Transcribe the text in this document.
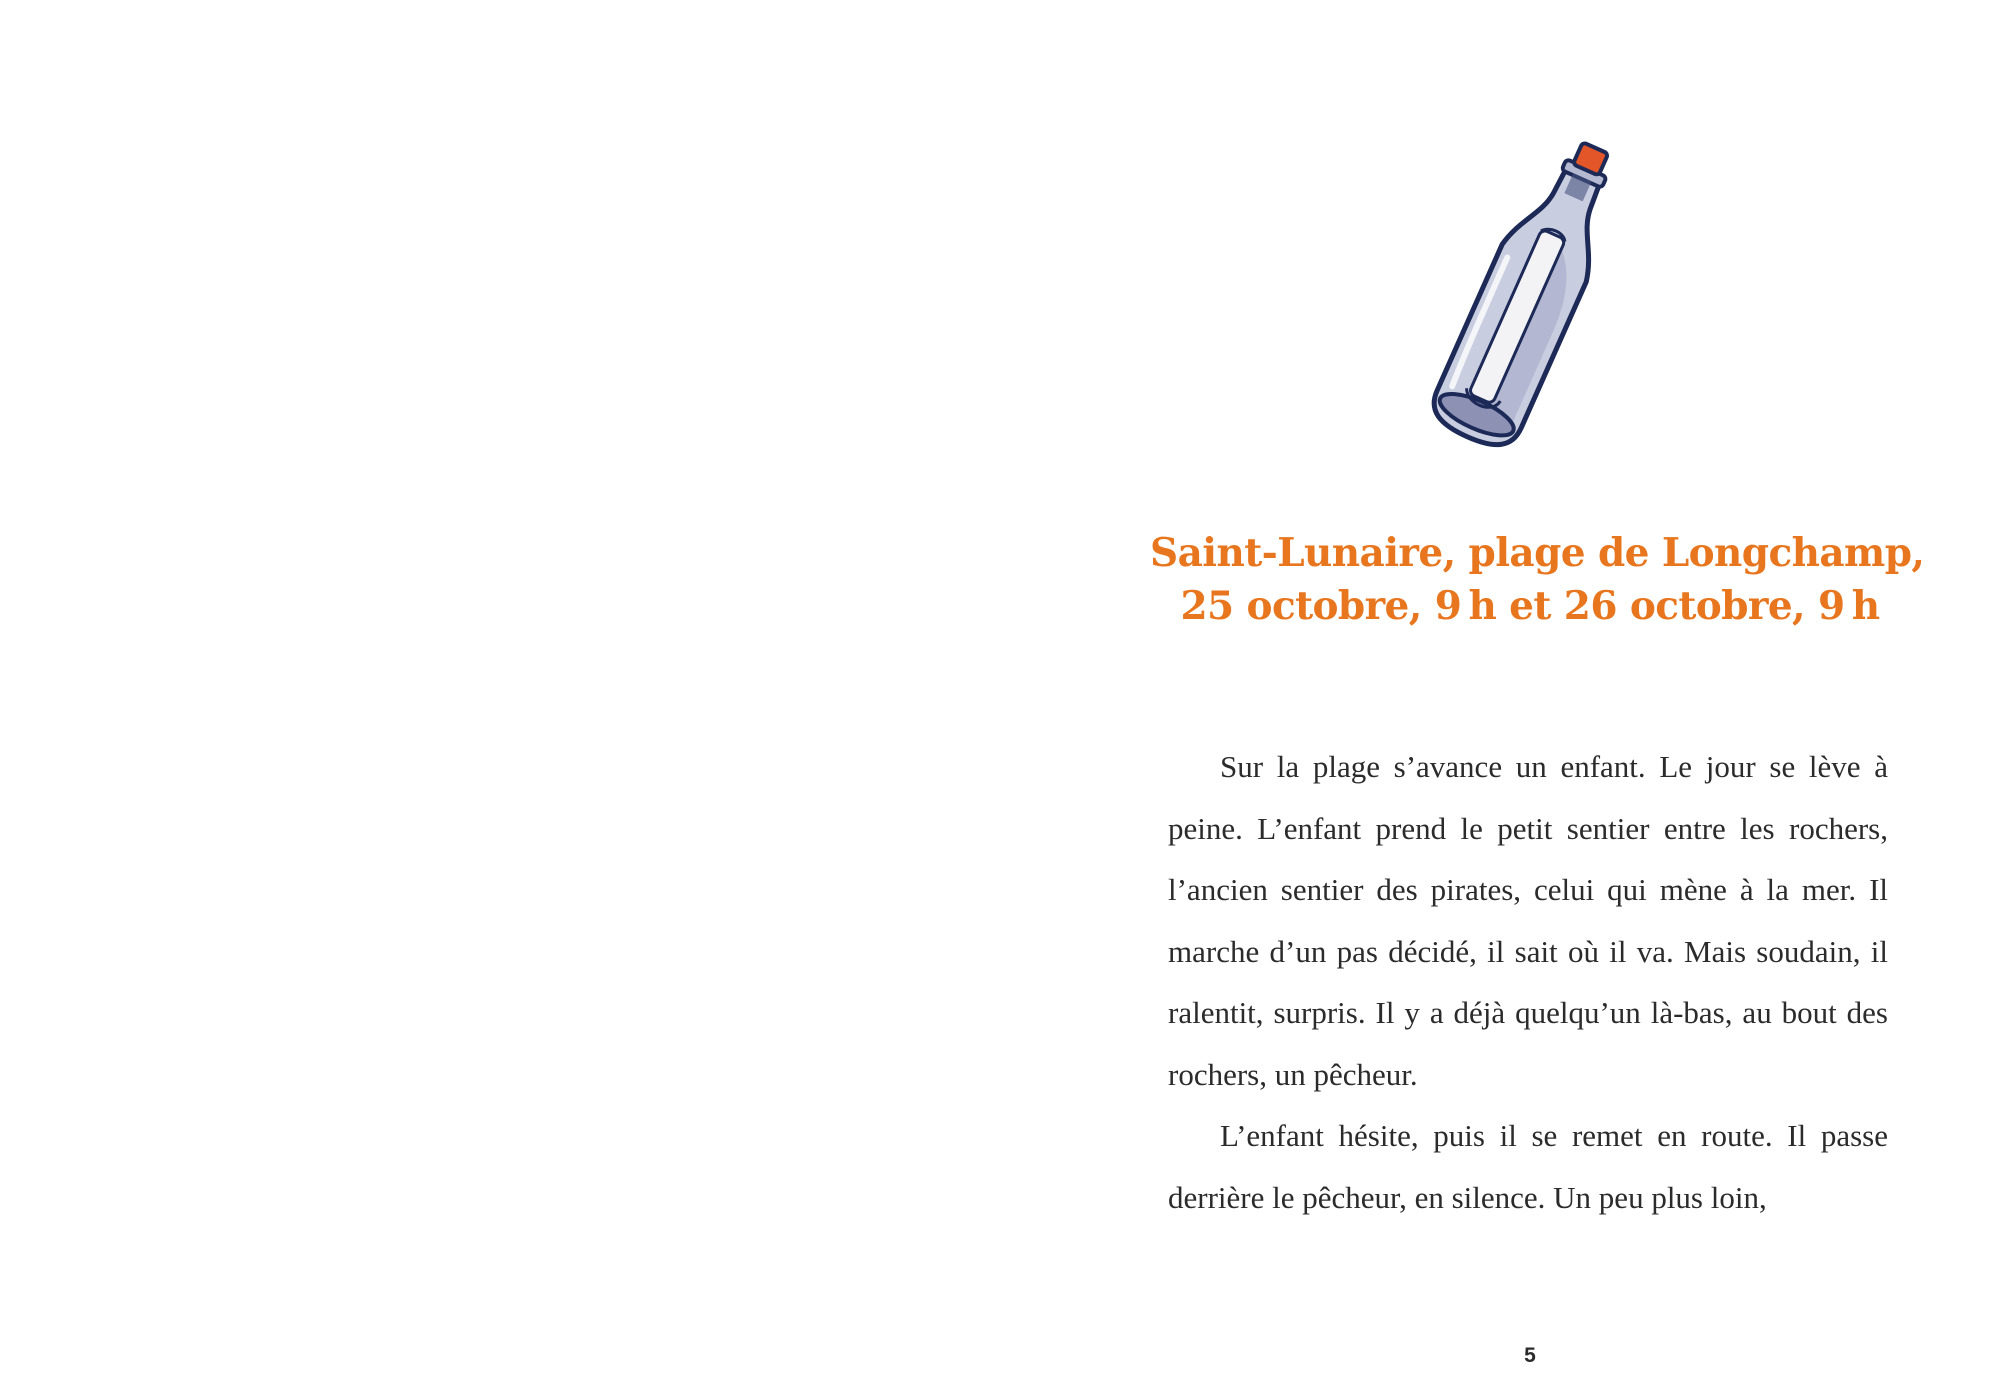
Saint-Lunaire, plage de Longchamp,
25 octobre, 9 h et 26 octobre, 9 h

Sur la plage s’avance un enfant. Le jour se lève à peine. L’enfant prend le petit sentier entre les rochers, l’ancien sentier des pirates, celui qui mène à la mer. Il marche d’un pas décidé, il sait où il va. Mais soudain, il ralentit, surpris. Il y a déjà quelqu’un là-bas, au bout des rochers, un pêcheur.

L’enfant hésite, puis il se remet en route. Il passe derrière le pêcheur, en silence. Un peu plus loin,

5
